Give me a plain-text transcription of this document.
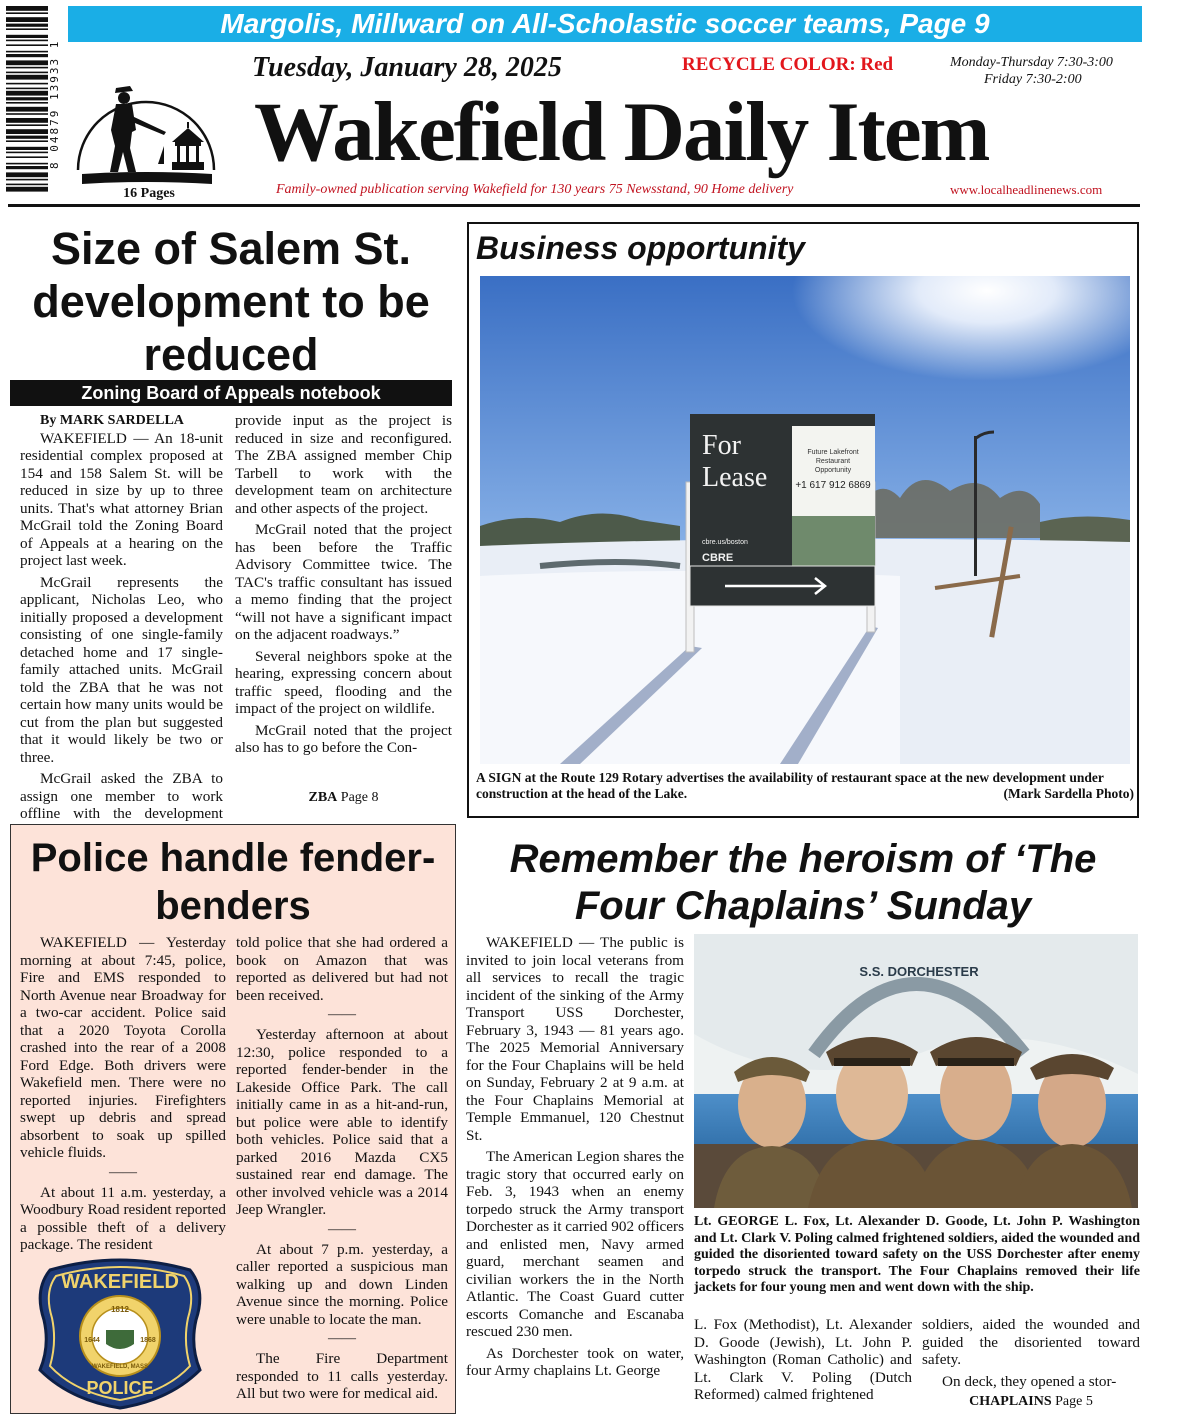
Margolis, Millward on All-Scholastic soccer teams, Page 9
8 04879 13933 1
16 Pages
Tuesday, January 28, 2025	RECYCLE COLOR: Red	Monday-Thursday 7:30-3:00
Friday 7:30-2:00
Wakefield Daily Item
Family-owned publication serving Wakefield for 130 years 75 Newsstand, 90 Home delivery	www.localheadlinenews.com
Size of Salem St. development to be reduced
Zoning Board of Appeals notebook
By MARK SARDELLA

WAKEFIELD — An 18-unit residential complex proposed at 154 and 158 Salem St. will be reduced in size by up to three units. That's what attorney Brian McGrail told the Zoning Board of Appeals at a hearing on the project last week.

McGrail represents the applicant, Nicholas Leo, who initially proposed a development consisting of one single-family detached home and 17 single-family attached units. McGrail told the ZBA that he was not certain how many units would be cut from the plan but suggested that it would likely be two or three.

McGrail asked the ZBA to assign one member to work offline with the development

provide input as the project is reduced in size and reconfigured. The ZBA assigned member Chip Tarbell to work with the development team on architecture and other aspects of the project.

McGrail noted that the project has been before the Traffic Advisory Committee twice. The TAC's traffic consultant has issued a memo finding that the project “will not have a significant impact on the adjacent roadways.”

Several neighbors spoke at the hearing, expressing concern about traffic speed, flooding and the impact of the project on wildlife.

McGrail noted that the project also has to go before the Con-

ZBA Page 8
Business opportunity
For
Lease
Future Lakefront
Restaurant
Opportunity
+1 617 912 6869
cbre.us/boston
CBRE
A SIGN at the Route 129 Rotary advertises the availability of restaurant space at the new development under construction at the head of the Lake.	(Mark Sardella Photo)
Police handle fender-benders

WAKEFIELD — Yesterday morning at about 7:45, police, Fire and EMS responded to North Avenue near Broadway for a two-car accident. Police said that a 2020 Toyota Corolla crashed into the rear of a 2008 Ford Edge. Both drivers were Wakefield men. There were no reported injuries. Firefighters swept up debris and spread absorbent to soak up spilled vehicle fluids.

——

At about 11 a.m. yesterday, a Woodbury Road resident reported a possible theft of a delivery package. The resident

told police that she had ordered a book on Amazon that was reported as delivered but had not been received.

——

Yesterday afternoon at about 12:30, police responded to a reported fender-bender in the Lakeside Office Park. The call initially came in as a hit-and-run, but police were able to identify both vehicles. Police said that a parked 2016 Mazda CX5 sustained rear end damage. The other involved vehicle was a 2014 Jeep Wrangler.

——

At about 7 p.m. yesterday, a caller reported a suspicious man walking up and down Linden Avenue since the morning. Police were unable to locate the man.

——

The Fire Department responded to 11 calls yesterday. All but two were for medical aid.

WAKEFIELD
1812
1644	1868
WAKEFIELD, MASS
POLICE
Remember the heroism of ‘The Four Chaplains’ Sunday

WAKEFIELD — The public is invited to join local veterans from all services to recall the tragic incident of the sinking of the Army Transport USS Dorchester, February 3, 1943 — 81 years ago. The 2025 Memorial Anniversary for the Four Chaplains will be held on Sunday, February 2 at 9 a.m. at the Four Chaplains Memorial at Temple Emmanuel, 120 Chestnut St.

The American Legion shares the tragic story that occurred early on Feb. 3, 1943 when an enemy torpedo struck the Army transport Dorchester as it carried 902 officers and enlisted men, Navy armed guard, merchant seamen and civilian workers the in the North Atlantic. The Coast Guard cutter escorts Comanche and Escanaba rescued 230 men.

As Dorchester took on water, four Army chaplains Lt. George

S.S. DORCHESTER
Lt. GEORGE L. Fox, Lt. Alexander D. Goode, Lt. John P. Washington and Lt. Clark V. Poling calmed frightened soldiers, aided the wounded and guided the disoriented toward safety on the USS Dorchester after enemy torpedo struck the transport. The Four Chaplains removed their life jackets for four young men and went down with the ship.

L. Fox (Methodist), Lt. Alexander D. Goode (Jewish), Lt. John P. Washington (Roman Catholic) and Lt. Clark V. Poling (Dutch Reformed) calmed frightened

soldiers, aided the wounded and guided the disoriented toward safety.

On deck, they opened a stor-

CHAPLAINS Page 5
